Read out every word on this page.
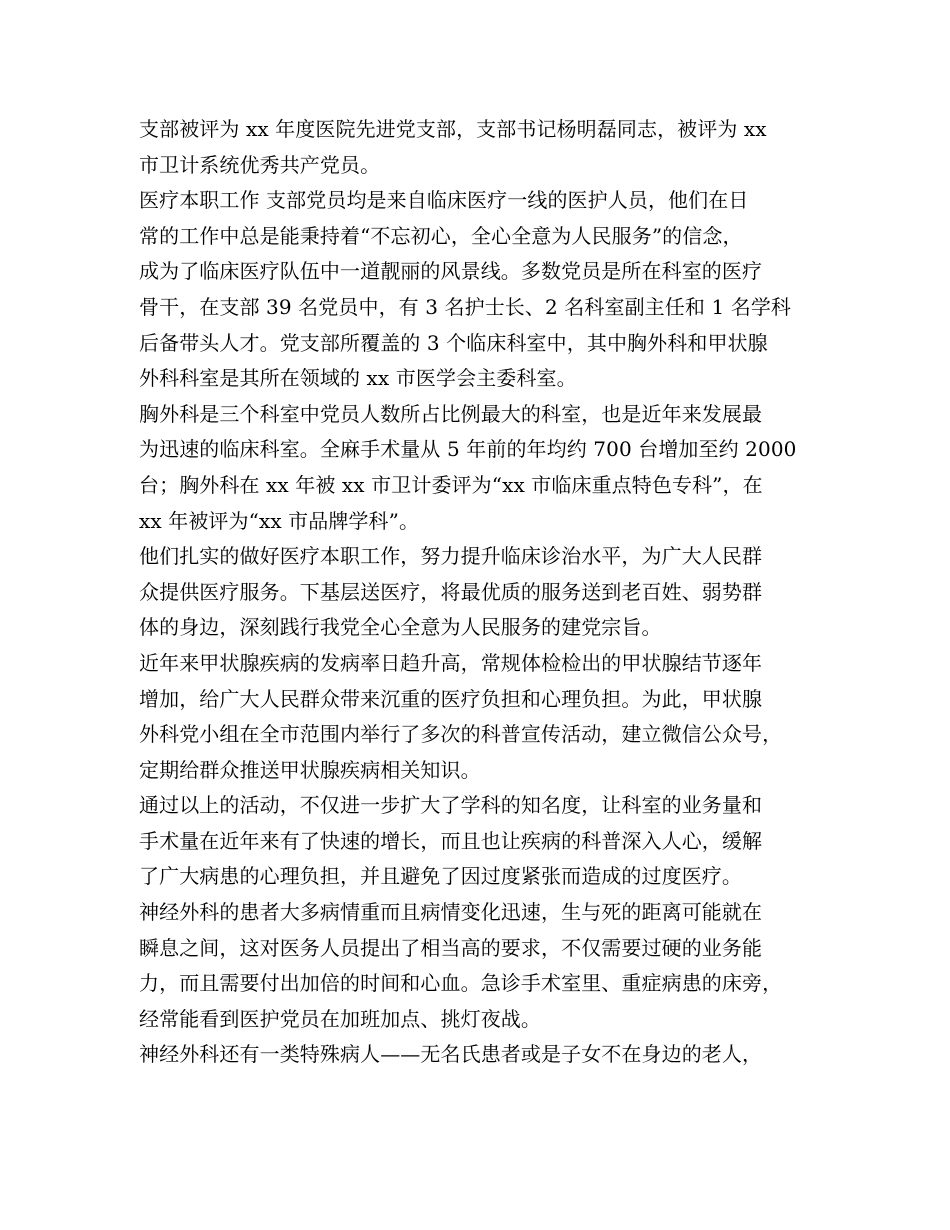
支部被评为 xx 年度医院先进党支部，支部书记杨明磊同志，被评为 xx
市卫计系统优秀共产党员。
医疗本职工作 支部党员均是来自临床医疗一线的医护人员，他们在日
常的工作中总是能秉持着“不忘初心，全心全意为人民服务”的信念，
成为了临床医疗队伍中一道靓丽的风景线。多数党员是所在科室的医疗
骨干，在支部 39 名党员中，有 3 名护士长、2 名科室副主任和 1 名学科
后备带头人才。党支部所覆盖的 3 个临床科室中，其中胸外科和甲状腺
外科科室是其所在领域的 xx 市医学会主委科室。
胸外科是三个科室中党员人数所占比例最大的科室，也是近年来发展最
为迅速的临床科室。全麻手术量从 5 年前的年均约 700 台增加至约 2000
台；胸外科在 xx 年被 xx 市卫计委评为“xx 市临床重点特色专科”，在
xx 年被评为“xx 市品牌学科”。
他们扎实的做好医疗本职工作，努力提升临床诊治水平，为广大人民群
众提供医疗服务。下基层送医疗，将最优质的服务送到老百姓、弱势群
体的身边，深刻践行我党全心全意为人民服务的建党宗旨。
近年来甲状腺疾病的发病率日趋升高，常规体检检出的甲状腺结节逐年
增加，给广大人民群众带来沉重的医疗负担和心理负担。为此，甲状腺
外科党小组在全市范围内举行了多次的科普宣传活动，建立微信公众号，
定期给群众推送甲状腺疾病相关知识。
通过以上的活动，不仅进一步扩大了学科的知名度，让科室的业务量和
手术量在近年来有了快速的增长，而且也让疾病的科普深入人心，缓解
了广大病患的心理负担，并且避免了因过度紧张而造成的过度医疗。
神经外科的患者大多病情重而且病情变化迅速，生与死的距离可能就在
瞬息之间，这对医务人员提出了相当高的要求，不仅需要过硬的业务能
力，而且需要付出加倍的时间和心血。急诊手术室里、重症病患的床旁，
经常能看到医护党员在加班加点、挑灯夜战。
神经外科还有一类特殊病人——无名氏患者或是子女不在身边的老人，
